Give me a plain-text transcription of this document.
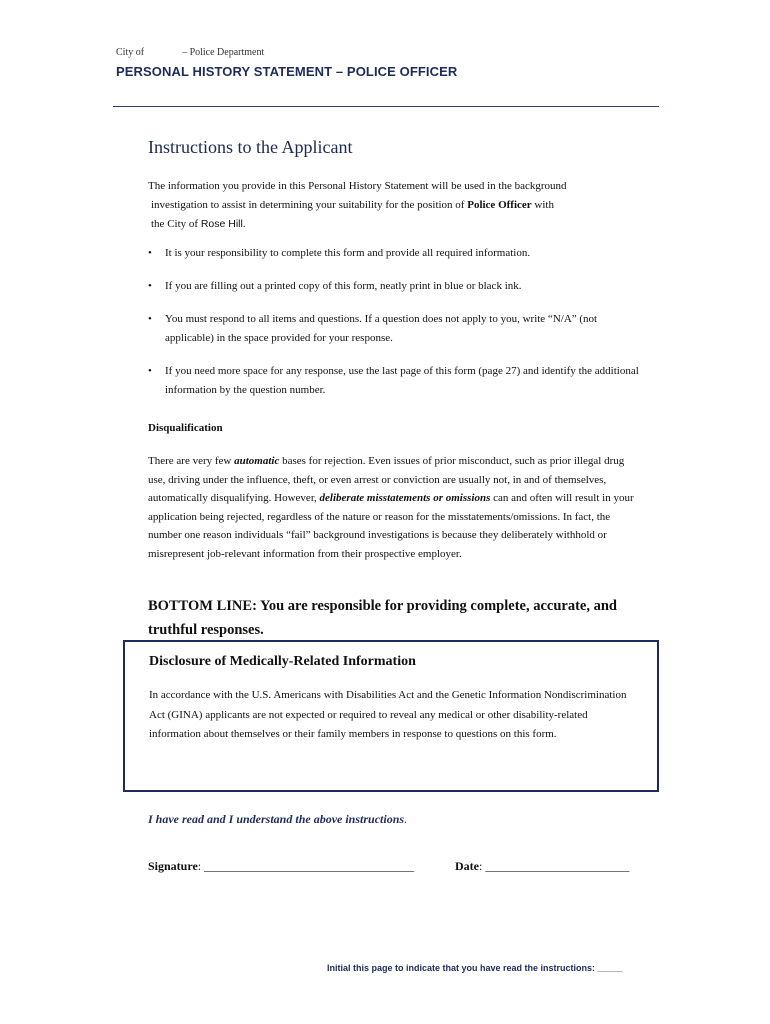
City of	– Police Department
PERSONAL HISTORY STATEMENT – POLICE OFFICER
Instructions to the Applicant
The information you provide in this Personal History Statement will be used in the background
investigation to assist in determining your suitability for the position of Police Officer with
the City of Rose Hill.
• It is your responsibility to complete this form and provide all required information.
• If you are filling out a printed copy of this form, neatly print in blue or black ink.
• You must respond to all items and questions. If a question does not apply to you, write “N/A” (not applicable) in the space provided for your response.
• If you need more space for any response, use the last page of this form (page 27) and identify the additional information by the question number.
Disqualification
There are very few automatic bases for rejection. Even issues of prior misconduct, such as prior illegal drug use, driving under the influence, theft, or even arrest or conviction are usually not, in and of themselves, automatically disqualifying. However, deliberate misstatements or omissions can and often will result in your application being rejected, regardless of the nature or reason for the misstatements/omissions. In fact, the number one reason individuals “fail” background investigations is because they deliberately withhold or misrepresent job-relevant information from their prospective employer.
BOTTOM LINE: You are responsible for providing complete, accurate, and truthful responses.
Disclosure of Medically-Related Information
In accordance with the U.S. Americans with Disabilities Act and the Genetic Information Nondiscrimination Act (GINA) applicants are not expected or required to reveal any medical or other disability-related information about themselves or their family members in response to questions on this form.
I have read and I understand the above instructions.
Signature: ___________________________________	Date: ________________________
Initial this page to indicate that you have read the instructions: _____
